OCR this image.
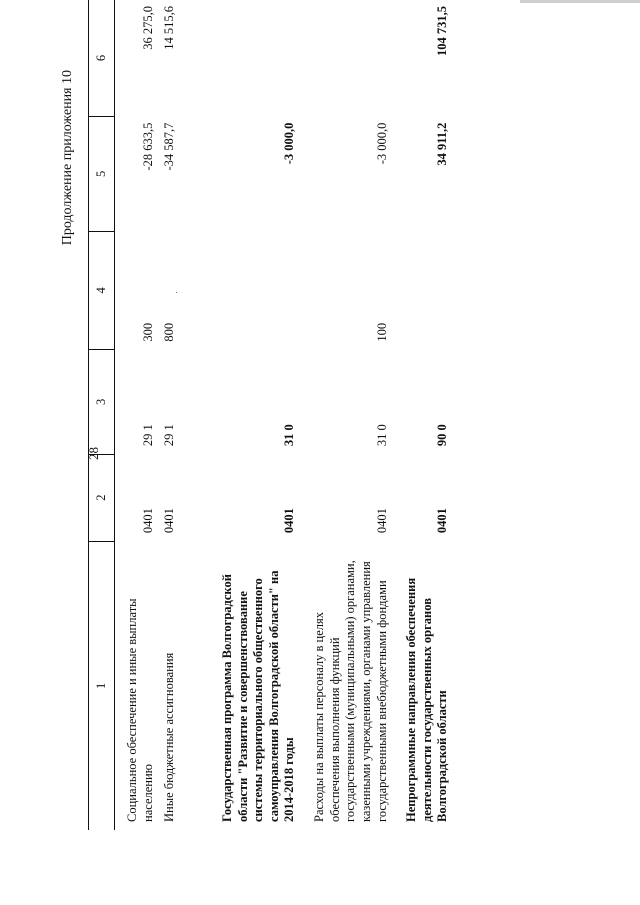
28
Продолжение приложения 10
1	2	3	4	5	6
Социальное обеспечение и иные выплаты населению	0401	29 1	300	-28 633,5	36 275,0
Иные бюджетные ассигнования	0401	29 1	800	-34 587,7	14 515,6
Государственная программа Волгоградской области "Развитие и совершенствование системы территориального общественного самоуправления Волгоградской области" на 2014-2018 годы	0401	31 0		-3 000,0	
Расходы на выплаты персоналу в целях обеспечения выполнения функций государственными (муниципальными) органами, казенными учреждениями, органами управления государственными внебюджетными фондами	0401	31 0	100	-3 000,0	
Непрограммные направления обеспечения деятельности государственных органов Волгоградской области	0401	90 0		34 911,2	104 731,5
